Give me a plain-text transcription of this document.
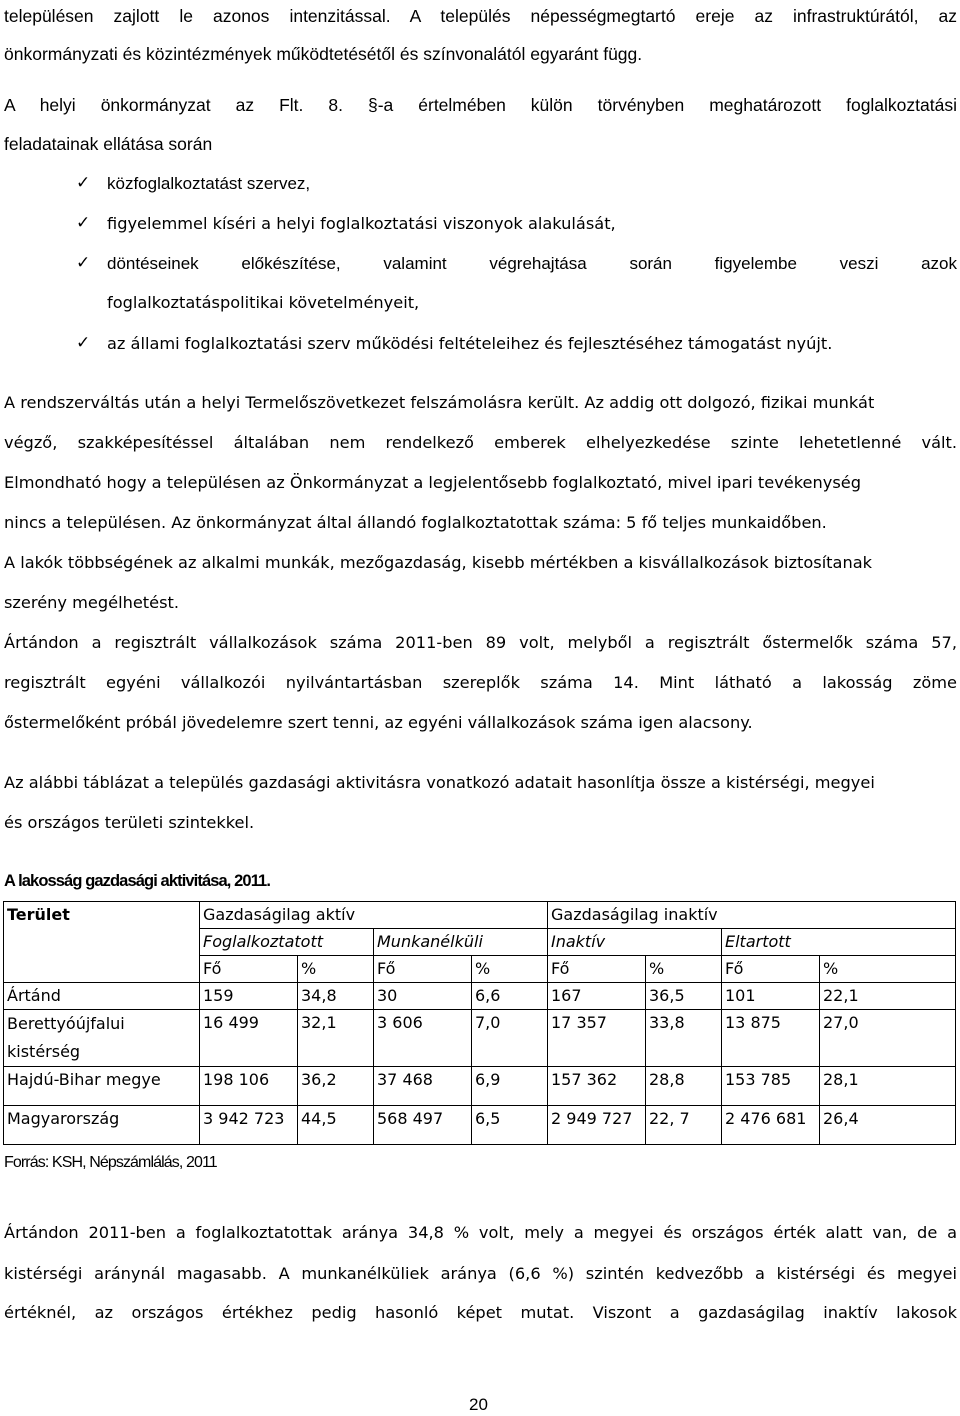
településen zajlott le azonos intenzitással. A település népességmegtartó ereje az infrastruktúrától, az
önkormányzati és közintézmények működtetésétől és színvonalától egyaránt függ.
A helyi önkormányzat az Flt. 8. §-a értelmében külön törvényben meghatározott foglalkoztatási
feladatainak ellátása során
✓ közfoglalkoztatást szervez,
✓ figyelemmel kíséri a helyi foglalkoztatási viszonyok alakulását,
✓ döntéseinek előkészítése, valamint végrehajtása során figyelembe veszi azok
foglalkoztatáspolitikai követelményeit,
✓ az állami foglalkoztatási szerv működési feltételeihez és fejlesztéséhez támogatást nyújt.
A rendszerváltás után a helyi Termelőszövetkezet felszámolásra került. Az addig ott dolgozó, fizikai munkát
végző, szakképesítéssel általában nem rendelkező emberek elhelyezkedése szinte lehetetlenné vált.
Elmondható hogy a településen az Önkormányzat a legjelentősebb foglalkoztató, mivel ipari tevékenység
nincs a településen. Az önkormányzat által állandó foglalkoztatottak száma: 5 fő teljes munkaidőben.
A lakók többségének az alkalmi munkák, mezőgazdaság, kisebb mértékben a kisvállalkozások biztosítanak
szerény megélhetést.
Ártándon a regisztrált vállalkozások száma 2011-ben 89 volt, melyből a regisztrált őstermelők száma 57,
regisztrált egyéni vállalkozói nyilvántartásban szereplők száma 14. Mint látható a lakosság zöme
őstermelőként próbál jövedelemre szert tenni, az egyéni vállalkozások száma igen alacsony.
Az alábbi táblázat a település gazdasági aktivitásra vonatkozó adatait hasonlítja össze a kistérségi, megyei
és országos területi szintekkel.
A lakosság gazdasági aktivitása, 2011.
Terület	Gazdaságilag aktív				Gazdaságilag inaktív			
	Foglalkoztatott		Munkanélküli		Inaktív		Eltartott	
	Fő	%	Fő	%	Fő	%	Fő	%
Ártánd	159	34,8	30	6,6	167	36,5	101	22,1
Berettyóújfalui
kistérség	16 499	32,1	3 606	7,0	17 357	33,8	13 875	27,0
Hajdú-Bihar megye	198 106	36,2	37 468	6,9	157 362	28,8	153 785	28,1
Magyarország	3 942 723	44,5	568 497	6,5	2 949 727	22, 7	2 476 681	26,4
Forrás: KSH, Népszámlálás, 2011
Ártándon 2011-ben a foglalkoztatottak aránya 34,8 % volt, mely a megyei és országos érték alatt van, de a
kistérségi aránynál magasabb. A munkanélküliek aránya (6,6 %) szintén kedvezőbb a kistérségi és megyei
értéknél, az országos értékhez pedig hasonló képet mutat. Viszont a gazdaságilag inaktív lakosok
20
